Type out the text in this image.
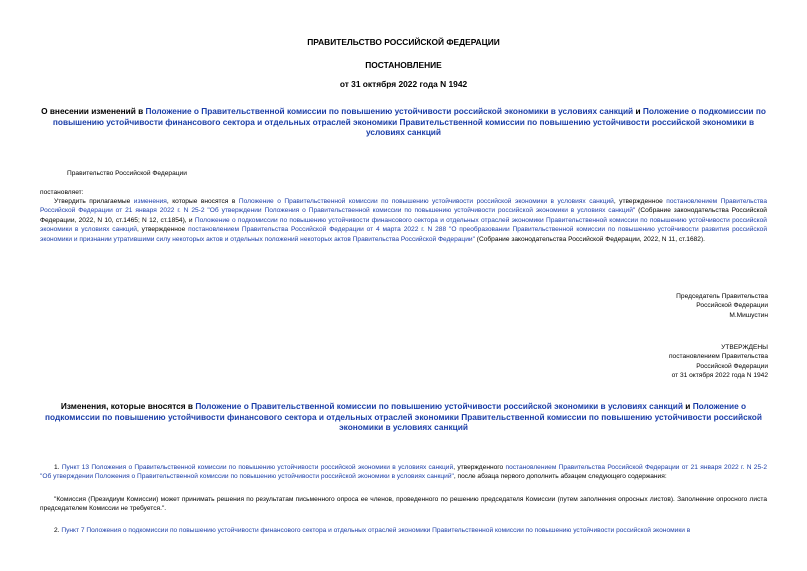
ПРАВИТЕЛЬСТВО РОССИЙСКОЙ ФЕДЕРАЦИИ
ПОСТАНОВЛЕНИЕ
от 31 октября 2022 года N 1942
О внесении изменений в Положение о Правительственной комиссии по повышению устойчивости российской экономики в условиях санкций и Положение о подкомиссии по повышению устойчивости финансового сектора и отдельных отраслей экономики Правительственной комиссии по повышению устойчивости российской экономики в условиях санкций
Правительство Российской Федерации
постановляет:
Утвердить прилагаемые изменения, которые вносятся в Положение о Правительственной комиссии по повышению устойчивости российской экономики в условиях санкций, утвержденное постановлением Правительства Российской Федерации от 21 января 2022 г. N 25-2 "Об утверждении Положения о Правительственной комиссии по повышению устойчивости российской экономики в условиях санкций" (Собрание законодательства Российской Федерации, 2022, N 10, ст.1465; N 12, ст.1854), и Положение о подкомиссии по повышению устойчивости финансового сектора и отдельных отраслей экономики Правительственной комиссии по повышению устойчивости российской экономики в условиях санкций, утвержденное постановлением Правительства Российской Федерации от 4 марта 2022 г. N 288 "О преобразовании Правительственной комиссии по повышению устойчивости развития российской экономики и признании утратившими силу некоторых актов и отдельных положений некоторых актов Правительства Российской Федерации" (Собрание законодательства Российской Федерации, 2022, N 11, ст.1682).
Председатель Правительства
Российской Федерации
М.Мишустин
УТВЕРЖДЕНЫ
постановлением Правительства
Российской Федерации
от 31 октября 2022 года N 1942
Изменения, которые вносятся в Положение о Правительственной комиссии по повышению устойчивости российской экономики в условиях санкций и Положение о подкомиссии по повышению устойчивости финансового сектора и отдельных отраслей экономики Правительственной комиссии по повышению устойчивости российской экономики в условиях санкций
1. Пункт 13 Положения о Правительственной комиссии по повышению устойчивости российской экономики в условиях санкций, утвержденного постановлением Правительства Российской Федерации от 21 января 2022 г. N 25-2 "Об утверждении Положения о Правительственной комиссии по повышению устойчивости российской экономики в условиях санкций", после абзаца первого дополнить абзацем следующего содержания:
"Комиссия (Президиум Комиссии) может принимать решения по результатам письменного опроса ее членов, проведенного по решению председателя Комиссии (путем заполнения опросных листов). Заполнение опросного листа председателем Комиссии не требуется.".
2. Пункт 7 Положения о подкомиссии по повышению устойчивости финансового сектора и отдельных отраслей экономики Правительственной комиссии по повышению устойчивости российской экономики в
